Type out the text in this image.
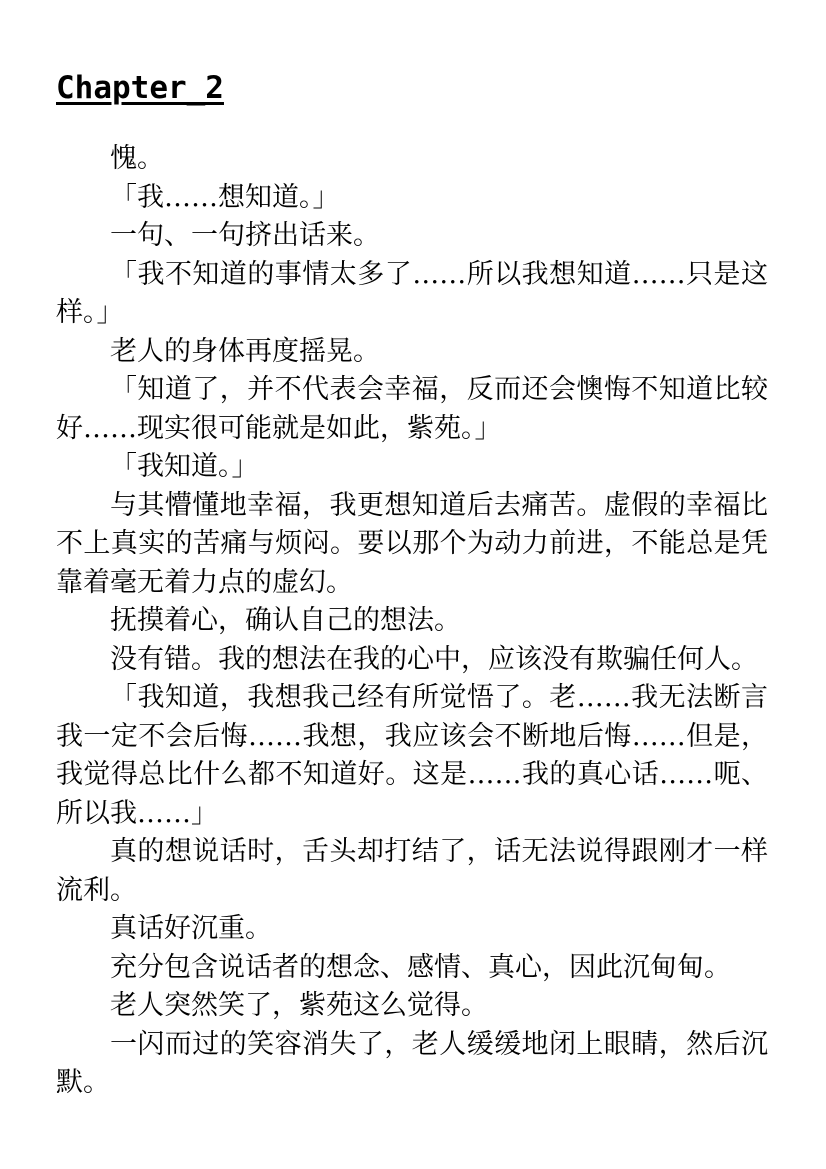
Chapter_2

愧。

「我……想知道。」

一句、一句挤出话来。

「我不知道的事情太多了……所以我想知道……只是这样。」

老人的身体再度摇晃。

「知道了，并不代表会幸福，反而还会懊悔不知道比较好……现实很可能就是如此，紫苑。」

「我知道。」

与其懵懂地幸福，我更想知道后去痛苦。虚假的幸福比不上真实的苦痛与烦闷。要以那个为动力前进，不能总是凭靠着毫无着力点的虚幻。

抚摸着心，确认自己的想法。

没有错。我的想法在我的心中，应该没有欺骗任何人。

「我知道，我想我己经有所觉悟了。老……我无法断言我一定不会后悔……我想，我应该会不断地后悔……但是，我觉得总比什么都不知道好。这是……我的真心话……呃、所以我……」

真的想说话时，舌头却打结了，话无法说得跟刚才一样流利。

真话好沉重。

充分包含说话者的想念、感情、真心，因此沉甸甸。

老人突然笑了，紫苑这么觉得。

一闪而过的笑容消失了，老人缓缓地闭上眼睛，然后沉默。
